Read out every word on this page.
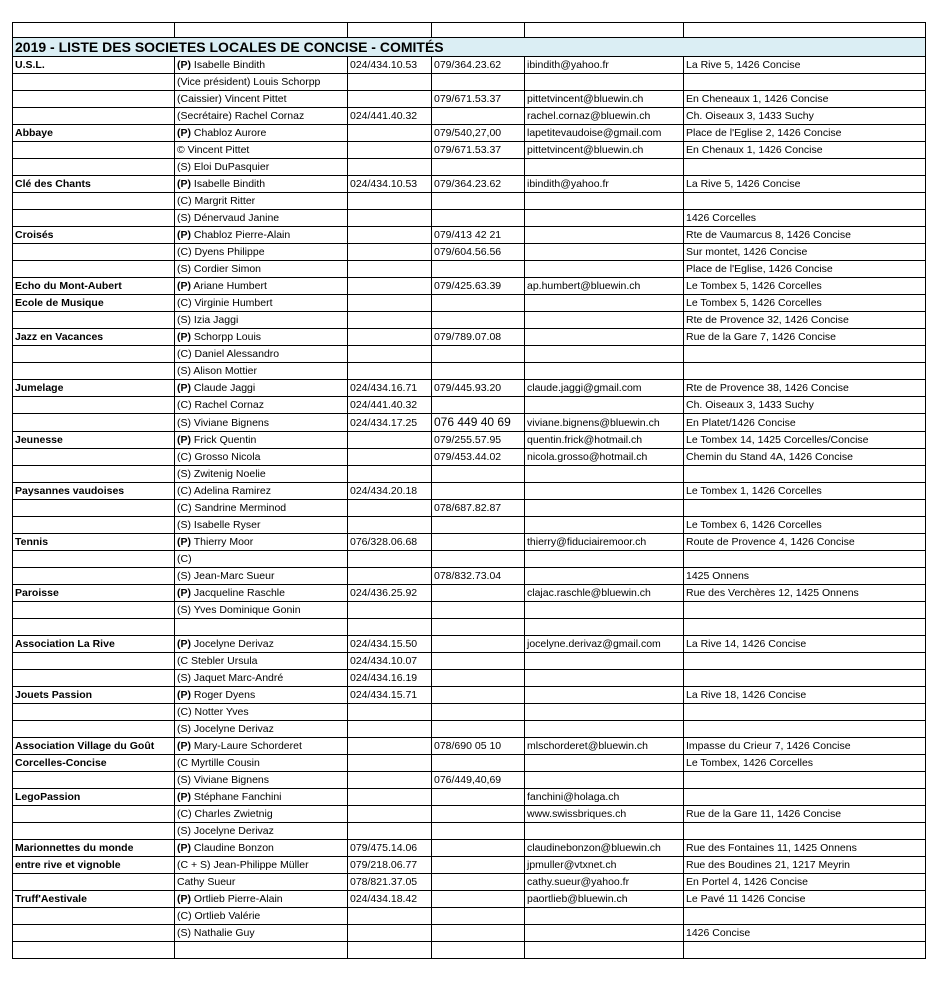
2019 - LISTE DES SOCIETES LOCALES DE CONCISE - COMITÉS					
U.S.L.	(P) Isabelle Bindith	024/434.10.53	079/364.23.62	ibindith@yahoo.fr	La Rive 5, 1426 Concise
	(Vice président) Louis Schorpp				
	(Caissier) Vincent Pittet		079/671.53.37	pittetvincent@bluewin.ch	En Cheneaux 1, 1426 Concise
	(Secrétaire) Rachel Cornaz	024/441.40.32		rachel.cornaz@bluewin.ch	Ch. Oiseaux 3, 1433 Suchy
Abbaye	(P) Chabloz Aurore		079/540,27,00	lapetitevaudoise@gmail.com	Place de l'Eglise 2, 1426 Concise
	© Vincent Pittet		079/671.53.37	pittetvincent@bluewin.ch	En Chenaux 1, 1426 Concise
	(S) Eloi DuPasquier				
Clé des Chants	(P) Isabelle Bindith	024/434.10.53	079/364.23.62	ibindith@yahoo.fr	La Rive 5, 1426 Concise
	(C) Margrit Ritter				
	(S) Dénervaud Janine				1426 Corcelles
Croisés	(P) Chabloz Pierre-Alain		079/413 42 21		Rte de Vaumarcus 8, 1426 Concise
	(C) Dyens Philippe		079/604.56.56		Sur montet, 1426 Concise
	(S) Cordier Simon				Place de l'Eglise, 1426 Concise
Echo du Mont-Aubert	(P) Ariane Humbert		079/425.63.39	ap.humbert@bluewin.ch	Le Tombex 5, 1426 Corcelles
Ecole de Musique	(C) Virginie Humbert				Le Tombex 5, 1426 Corcelles
	(S) Izia Jaggi				Rte de Provence 32, 1426 Concise
Jazz en Vacances	(P) Schorpp Louis		079/789.07.08		Rue de la Gare 7, 1426 Concise
	(C) Daniel Alessandro				
	(S) Alison Mottier				
Jumelage	(P) Claude Jaggi	024/434.16.71	079/445.93.20	claude.jaggi@gmail.com	Rte de Provence 38, 1426 Concise
	(C) Rachel Cornaz	024/441.40.32			Ch. Oiseaux 3, 1433 Suchy
	(S) Viviane Bignens	024/434.17.25	076 449 40 69	viviane.bignens@bluewin.ch	En Platet/1426 Concise
Jeunesse	(P) Frick Quentin		079/255.57.95	quentin.frick@hotmail.ch	Le Tombex 14, 1425 Corcelles/Concise
	(C) Grosso Nicola		079/453.44.02	nicola.grosso@hotmail.ch	Chemin du Stand 4A, 1426 Concise
	(S) Zwitenig Noelie				
Paysannes vaudoises	(C) Adelina Ramirez	024/434.20.18			Le Tombex 1, 1426 Corcelles
	(C) Sandrine Merminod		078/687.82.87		
	(S) Isabelle Ryser				Le Tombex 6, 1426 Corcelles
Tennis	(P) Thierry Moor	076/328.06.68		thierry@fiduciairemoor.ch	Route de Provence 4, 1426 Concise
	(C)				
	(S) Jean-Marc Sueur		078/832.73.04		1425 Onnens
Paroisse	(P) Jacqueline Raschle	024/436.25.92		clajac.raschle@bluewin.ch	Rue des Verchères 12, 1425 Onnens
	(S) Yves Dominique Gonin				

Association La Rive	(P) Jocelyne Derivaz	024/434.15.50		jocelyne.derivaz@gmail.com	La Rive 14, 1426 Concise
	(C Stebler Ursula	024/434.10.07			
	(S) Jaquet Marc-André	024/434.16.19			
Jouets Passion	(P) Roger Dyens	024/434.15.71			La Rive 18, 1426 Concise
	(C) Notter Yves				
	(S) Jocelyne Derivaz				
Association Village du Goût	(P) Mary-Laure Schorderet		078/690 05 10	mlschorderet@bluewin.ch	Impasse du Crieur 7, 1426 Concise
Corcelles-Concise	(C Myrtille Cousin				Le Tombex, 1426 Corcelles
	(S) Viviane Bignens		076/449,40,69		
LegoPassion	(P) Stéphane Fanchini			fanchini@holaga.ch	
	(C) Charles Zwietnig			www.swissbriques.ch	Rue de la Gare 11, 1426 Concise
	(S) Jocelyne Derivaz				
Marionnettes du monde	(P) Claudine Bonzon	079/475.14.06		claudinebonzon@bluewin.ch	Rue des Fontaines 11, 1425 Onnens
entre rive et vignoble	(C + S) Jean-Philippe Müller	079/218.06.77		jpmuller@vtxnet.ch	Rue des Boudines 21, 1217 Meyrin
	Cathy Sueur	078/821.37.05		cathy.sueur@yahoo.fr	En Portel 4, 1426 Concise
Truff'Aestivale	(P) Ortlieb Pierre-Alain	024/434.18.42		paortlieb@bluewin.ch	Le Pavé 11 1426 Concise
	(C) Ortlieb Valérie				
	(S) Nathalie Guy				1426 Concise
